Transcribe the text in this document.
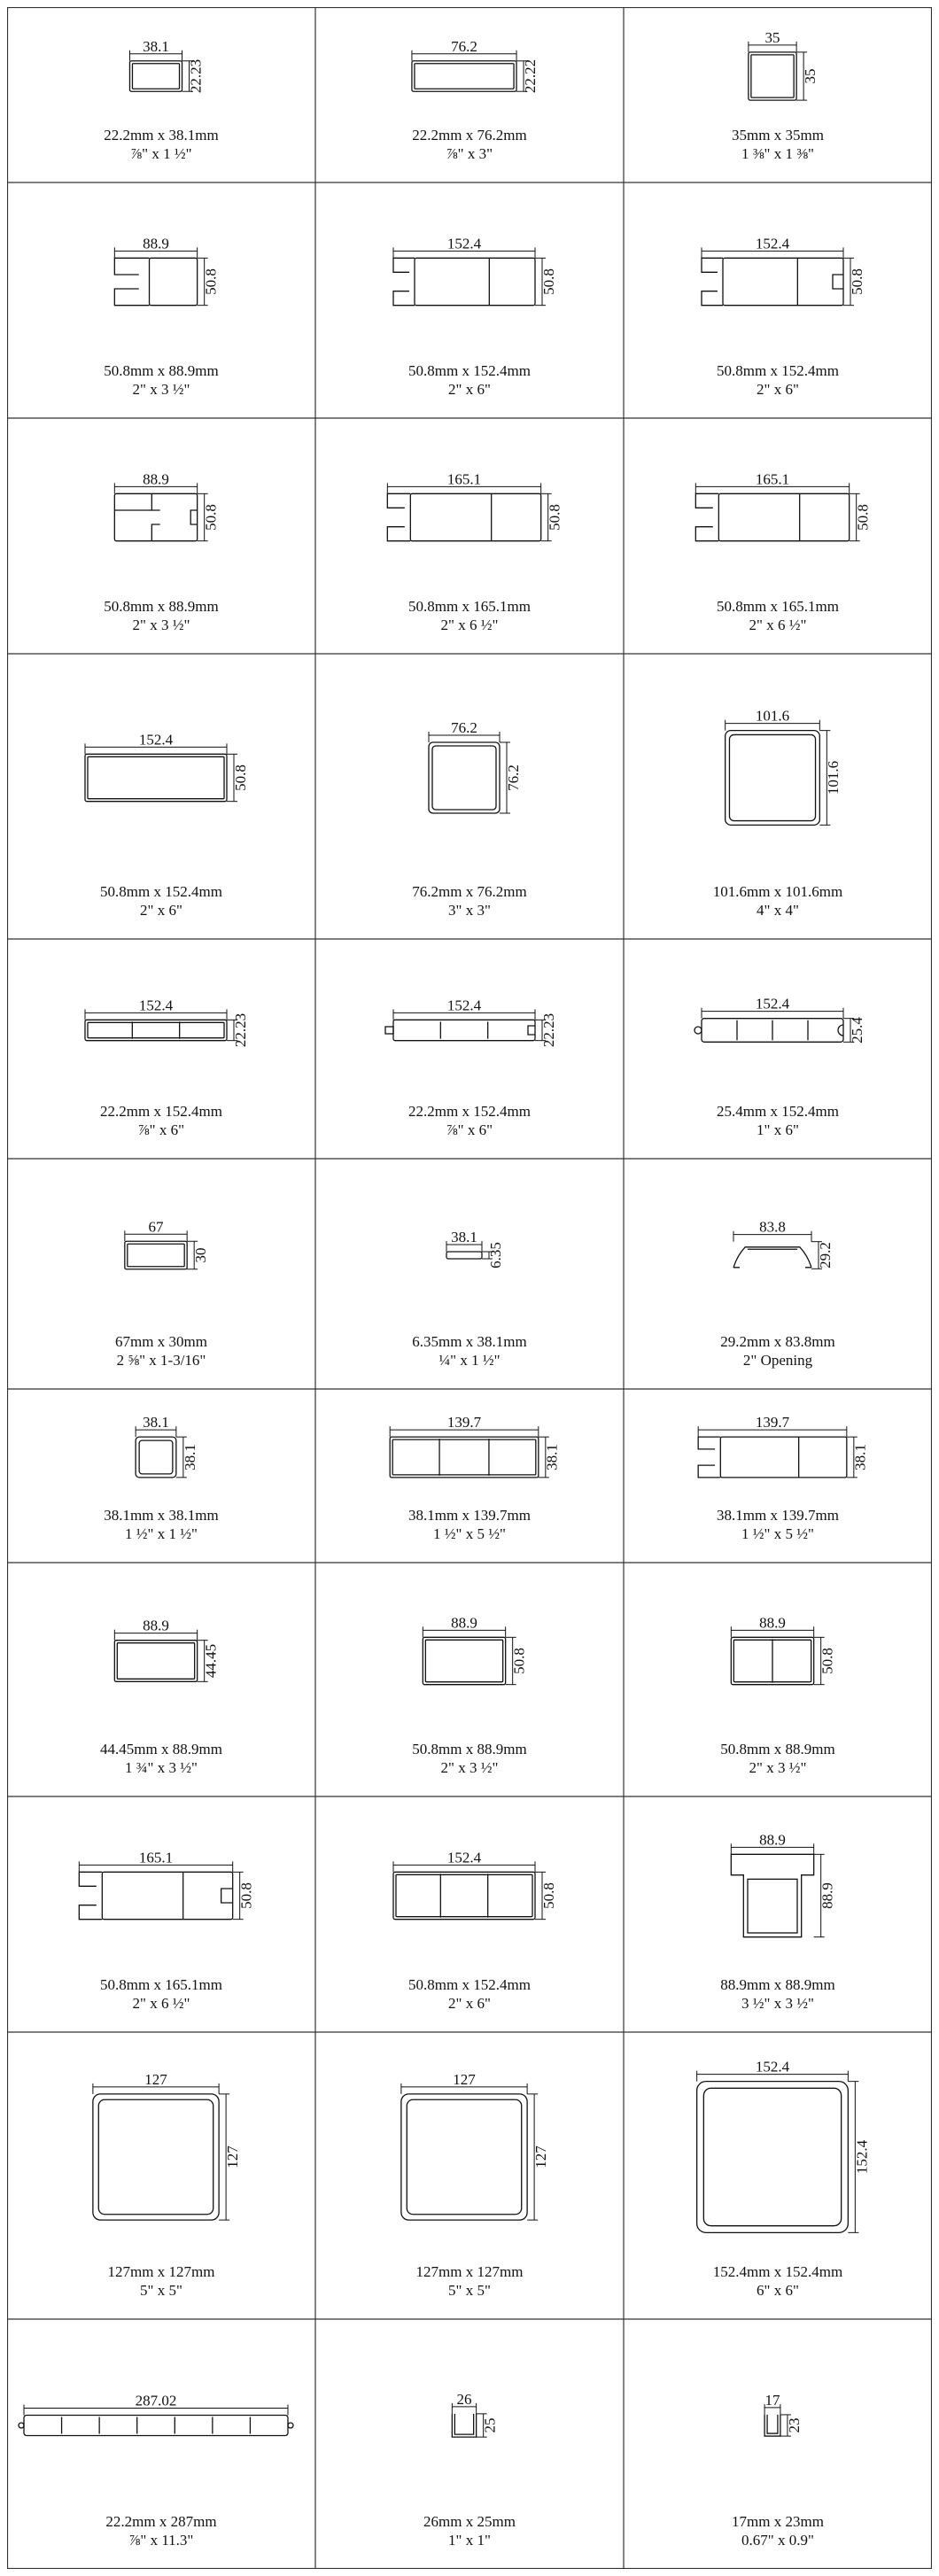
38.1
22.23
22.2mm x 38.1mm
⅞" x 1 ½"
76.2
22.22
22.2mm x 76.2mm
⅞" x 3"
35
35
35mm x 35mm
1 ⅜" x 1 ⅜"
88.9
50.8
50.8mm x 88.9mm
2" x 3 ½"
152.4
50.8
50.8mm x 152.4mm
2" x 6"
152.4
50.8
50.8mm x 152.4mm
2" x 6"
88.9
50.8
50.8mm x 88.9mm
2" x 3 ½"
165.1
50.8
50.8mm x 165.1mm
2" x 6 ½"
165.1
50.8
50.8mm x 165.1mm
2" x 6 ½"
152.4
50.8
50.8mm x 152.4mm
2" x 6"
76.2
76.2
76.2mm x 76.2mm
3" x 3"
101.6
101.6
101.6mm x 101.6mm
4" x 4"
152.4
22.23
22.2mm x 152.4mm
⅞" x 6"
152.4
22.23
22.2mm x 152.4mm
⅞" x 6"
152.4
25.4
25.4mm x 152.4mm
1" x 6"
67
30
67mm x 30mm
2 ⅝" x 1-3/16"
38.1
6.35
6.35mm x 38.1mm
¼" x 1 ½"
83.8
29.2
29.2mm x 83.8mm
2" Opening
38.1
38.1
38.1mm x 38.1mm
1 ½" x 1 ½"
139.7
38.1
38.1mm x 139.7mm
1 ½" x 5 ½"
139.7
38.1
38.1mm x 139.7mm
1 ½" x 5 ½"
88.9
44.45
44.45mm x 88.9mm
1 ¾" x 3 ½"
88.9
50.8
50.8mm x 88.9mm
2" x 3 ½"
88.9
50.8
50.8mm x 88.9mm
2" x 3 ½"
165.1
50.8
50.8mm x 165.1mm
2" x 6 ½"
152.4
50.8
50.8mm x 152.4mm
2" x 6"
88.9
88.9
88.9mm x 88.9mm
3 ½" x 3 ½"
127
127
127mm x 127mm
5" x 5"
127
127
127mm x 127mm
5" x 5"
152.4
152.4
152.4mm x 152.4mm
6" x 6"
287.02
22.2mm x 287mm
⅞" x 11.3"
26
25
26mm x 25mm
1" x 1"
17
23
17mm x 23mm
0.67" x 0.9"
